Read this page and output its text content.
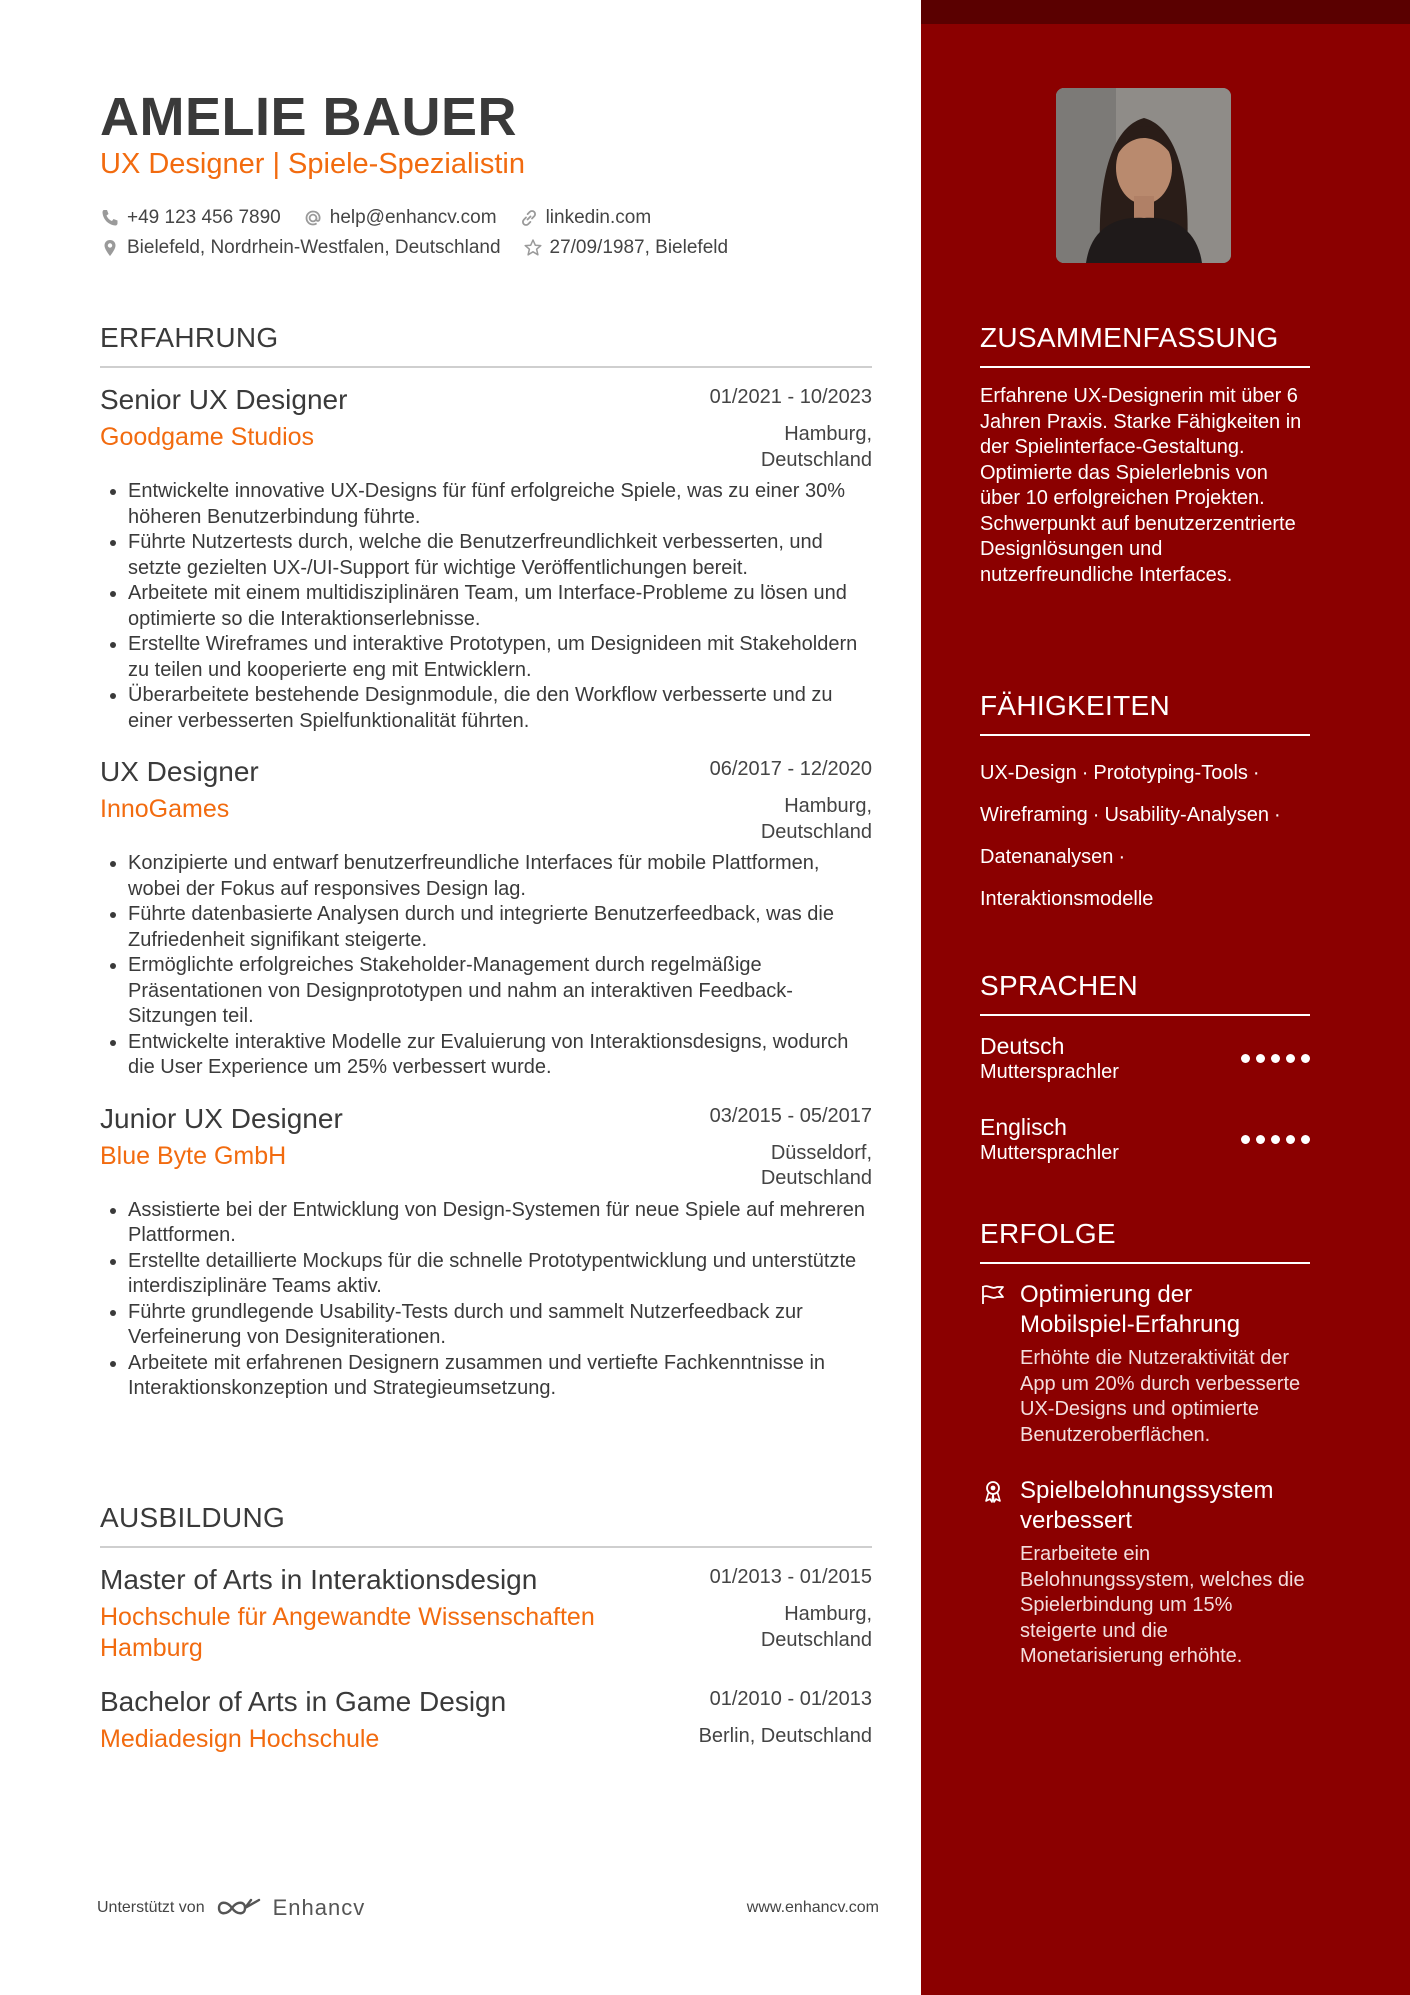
AMELIE BAUER
UX Designer | Spiele-Spezialistin
+49 123 456 7890	help@enhancv.com	linkedin.com
Bielefeld, Nordrhein-Westfalen, Deutschland	27/09/1987, Bielefeld
ERFAHRUNG
Senior UX Designer	01/2021 - 10/2023
Goodgame Studios	Hamburg,
Deutschland
• Entwickelte innovative UX-Designs für fünf erfolgreiche Spiele, was zu einer 30% höheren Benutzerbindung führte.
• Führte Nutzertests durch, welche die Benutzerfreundlichkeit verbesserten, und setzte gezielten UX-/UI-Support für wichtige Veröffentlichungen bereit.
• Arbeitete mit einem multidisziplinären Team, um Interface-Probleme zu lösen und optimierte so die Interaktionserlebnisse.
• Erstellte Wireframes und interaktive Prototypen, um Designideen mit Stakeholdern zu teilen und kooperierte eng mit Entwicklern.
• Überarbeitete bestehende Designmodule, die den Workflow verbesserte und zu einer verbesserten Spielfunktionalität führten.
UX Designer	06/2017 - 12/2020
InnoGames	Hamburg,
Deutschland
• Konzipierte und entwarf benutzerfreundliche Interfaces für mobile Plattformen, wobei der Fokus auf responsives Design lag.
• Führte datenbasierte Analysen durch und integrierte Benutzerfeedback, was die Zufriedenheit signifikant steigerte.
• Ermöglichte erfolgreiches Stakeholder-Management durch regelmäßige Präsentationen von Designprototypen und nahm an interaktiven Feedback-Sitzungen teil.
• Entwickelte interaktive Modelle zur Evaluierung von Interaktionsdesigns, wodurch die User Experience um 25% verbessert wurde.
Junior UX Designer	03/2015 - 05/2017
Blue Byte GmbH	Düsseldorf,
Deutschland
• Assistierte bei der Entwicklung von Design-Systemen für neue Spiele auf mehreren Plattformen.
• Erstellte detaillierte Mockups für die schnelle Prototypentwicklung und unterstützte interdisziplinäre Teams aktiv.
• Führte grundlegende Usability-Tests durch und sammelt Nutzerfeedback zur Verfeinerung von Designiterationen.
• Arbeitete mit erfahrenen Designern zusammen und vertiefte Fachkenntnisse in Interaktionskonzeption und Strategieumsetzung.
AUSBILDUNG
Master of Arts in Interaktionsdesign	01/2013 - 01/2015
Hochschule für Angewandte Wissenschaften
Hamburg
Hamburg,
Deutschland
Bachelor of Arts in Game Design	01/2010 - 01/2013
Mediadesign Hochschule	Berlin, Deutschland
Unterstützt von	Enhancv	www.enhancv.com
ZUSAMMENFASSUNG
Erfahrene UX-Designerin mit über 6 Jahren Praxis. Starke Fähigkeiten in der Spielinterface-Gestaltung. Optimierte das Spielerlebnis von über 10 erfolgreichen Projekten. Schwerpunkt auf benutzerzentrierte Designlösungen und nutzerfreundliche Interfaces.
FÄHIGKEITEN
UX-Design · Prototyping-Tools ·
Wireframing · Usability-Analysen ·
Datenanalysen ·
Interaktionsmodelle
SPRACHEN
Deutsch
Muttersprachler
Englisch
Muttersprachler
ERFOLGE
Optimierung der Mobilspiel-Erfahrung
Erhöhte die Nutzeraktivität der App um 20% durch verbesserte UX-Designs und optimierte Benutzeroberflächen.
Spielbelohnungssystem verbessert
Erarbeitete ein Belohnungssystem, welches die Spielerbindung um 15% steigerte und die Monetarisierung erhöhte.
